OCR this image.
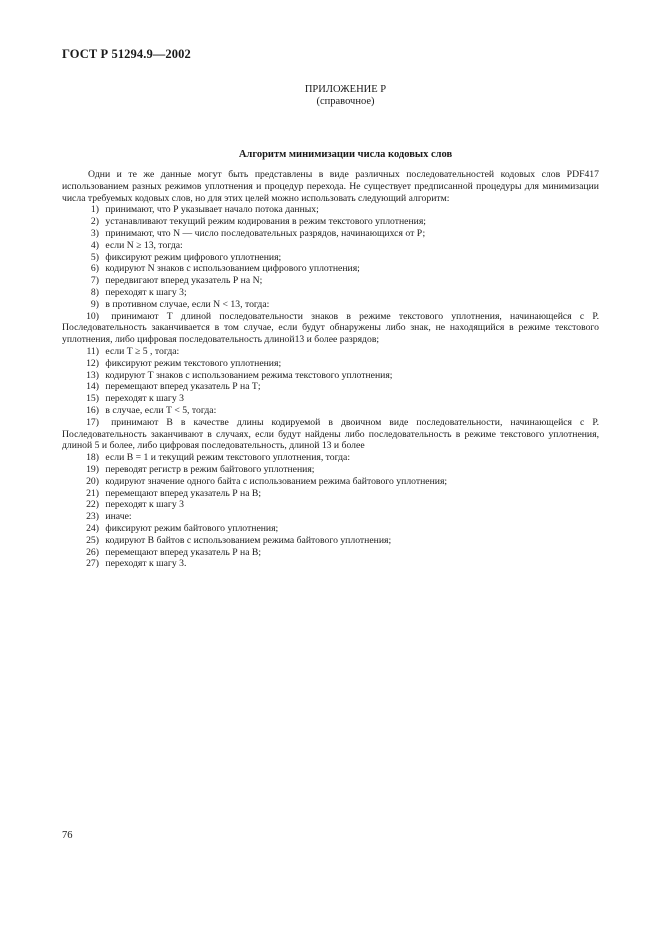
ГОСТ Р 51294.9—2002
ПРИЛОЖЕНИЕ Р
(справочное)
Алгоритм минимизации числа кодовых слов

Одни и те же данные могут быть представлены в виде различных последовательностей кодовых слов PDF417 использованием разных режимов уплотнения и процедур перехода. Не существует предписанной процедуры для минимизации числа требуемых кодовых слов, но для этих целей можно использовать следующий алгоритм:

1) принимают, что Р указывает начало потока данных;

2) устанавливают текущий режим кодирования в режим текстового уплотнения;

3) принимают, что N — число последовательных разрядов, начинающихся от Р;

4) если N ≥ 13, тогда:

5) фиксируют режим цифрового уплотнения;

6) кодируют N знаков с использованием цифрового уплотнения;

7) передвигают вперед указатель Р на N;

8) переходят к шагу 3;

9) в противном случае, если N < 13, тогда:

10) принимают Т длиной последовательности знаков в режиме текстового уплотнения, начинающейся с Р. Последовательность заканчивается в том случае, если будут обнаружены либо знак, не находящийся в режиме текстового уплотнения, либо цифровая последовательность длиной13 и более разрядов;

11) если Т ≥ 5 , тогда:

12) фиксируют режим текстового уплотнения;

13) кодируют Т знаков с использованием режима текстового уплотнения;

14) перемещают вперед указатель Р на Т;

15) переходят к шагу 3

16) в случае, если Т < 5, тогда:

17) принимают В в качестве длины кодируемой в двоичном виде последовательности, начинающейся с Р. Последовательность заканчивают в случаях, если будут найдены либо последовательность в режиме текстового уплотнения, длиной 5 и более, либо цифровая последовательность, длиной 13 и более

18) если В = 1 и текущий режим текстового уплотнения, тогда:

19) переводят регистр в режим байтового уплотнения;

20) кодируют значение одного байта с использованием режима байтового уплотнения;

21) перемещают вперед указатель Р на В;

22) переходят к шагу 3

23) иначе:

24) фиксируют режим байтового уплотнения;

25) кодируют В байтов с использованием режима байтового уплотнения;

26) перемещают вперед указатель Р на В;

27) переходят к шагу 3.

76
